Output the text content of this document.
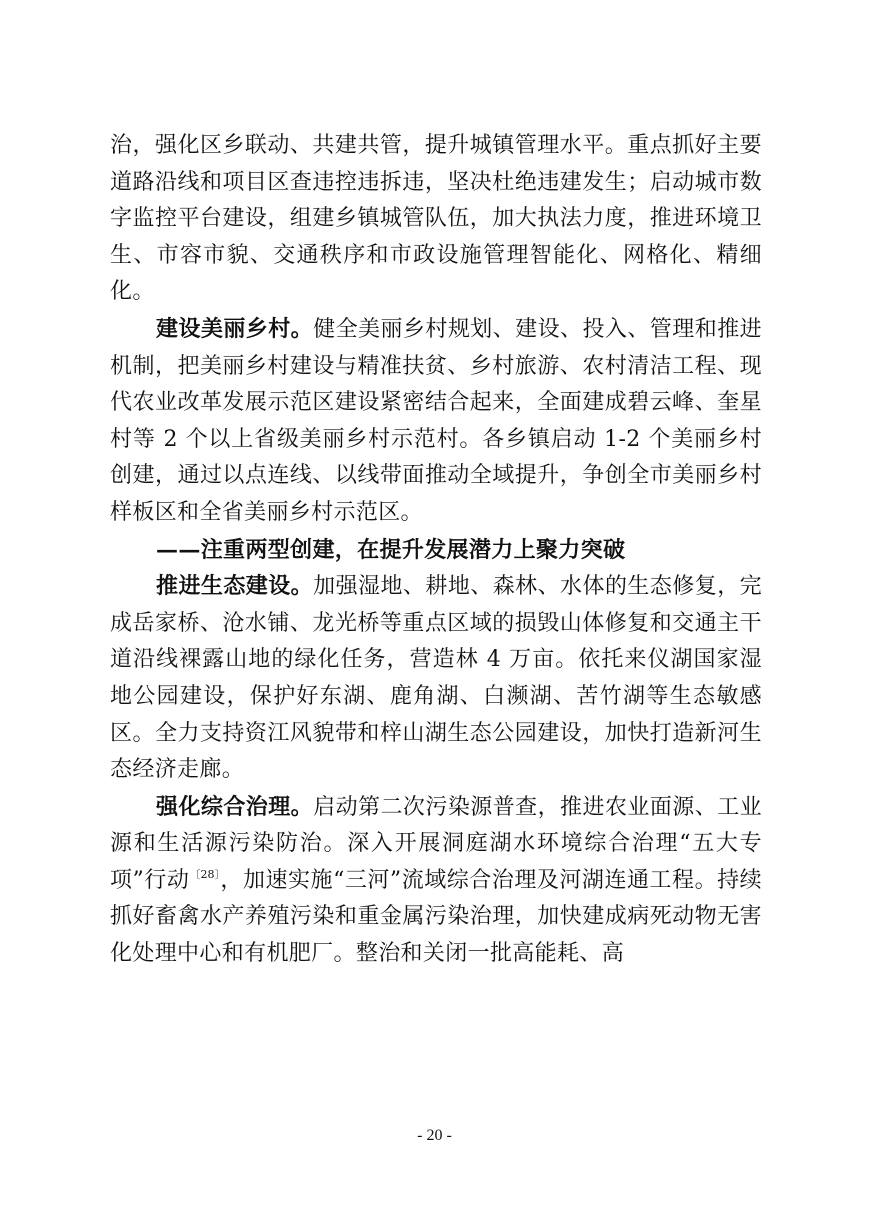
治，强化区乡联动、共建共管，提升城镇管理水平。重点抓好主要道路沿线和项目区查违控违拆违，坚决杜绝违建发生；启动城市数字监控平台建设，组建乡镇城管队伍，加大执法力度，推进环境卫生、市容市貌、交通秩序和市政设施管理智能化、网格化、精细化。

建设美丽乡村。健全美丽乡村规划、建设、投入、管理和推进机制，把美丽乡村建设与精准扶贫、乡村旅游、农村清洁工程、现代农业改革发展示范区建设紧密结合起来，全面建成碧云峰、奎星村等 2 个以上省级美丽乡村示范村。各乡镇启动 1-2 个美丽乡村创建，通过以点连线、以线带面推动全域提升，争创全市美丽乡村样板区和全省美丽乡村示范区。

——注重两型创建，在提升发展潜力上聚力突破

推进生态建设。加强湿地、耕地、森林、水体的生态修复，完成岳家桥、沧水铺、龙光桥等重点区域的损毁山体修复和交通主干道沿线裸露山地的绿化任务，营造林 4 万亩。依托来仪湖国家湿地公园建设，保护好东湖、鹿角湖、白濒湖、苦竹湖等生态敏感区。全力支持资江风貌带和梓山湖生态公园建设，加快打造新河生态经济走廊。

强化综合治理。启动第二次污染源普查，推进农业面源、工业源和生活源污染防治。深入开展洞庭湖水环境综合治理“五大专项”行动$^{〔28〕}$，加速实施“三河”流域综合治理及河湖连通工程。持续抓好畜禽水产养殖污染和重金属污染治理，加快建成病死动物无害化处理中心和有机肥厂。整治和关闭一批高能耗、高

- 20 -
